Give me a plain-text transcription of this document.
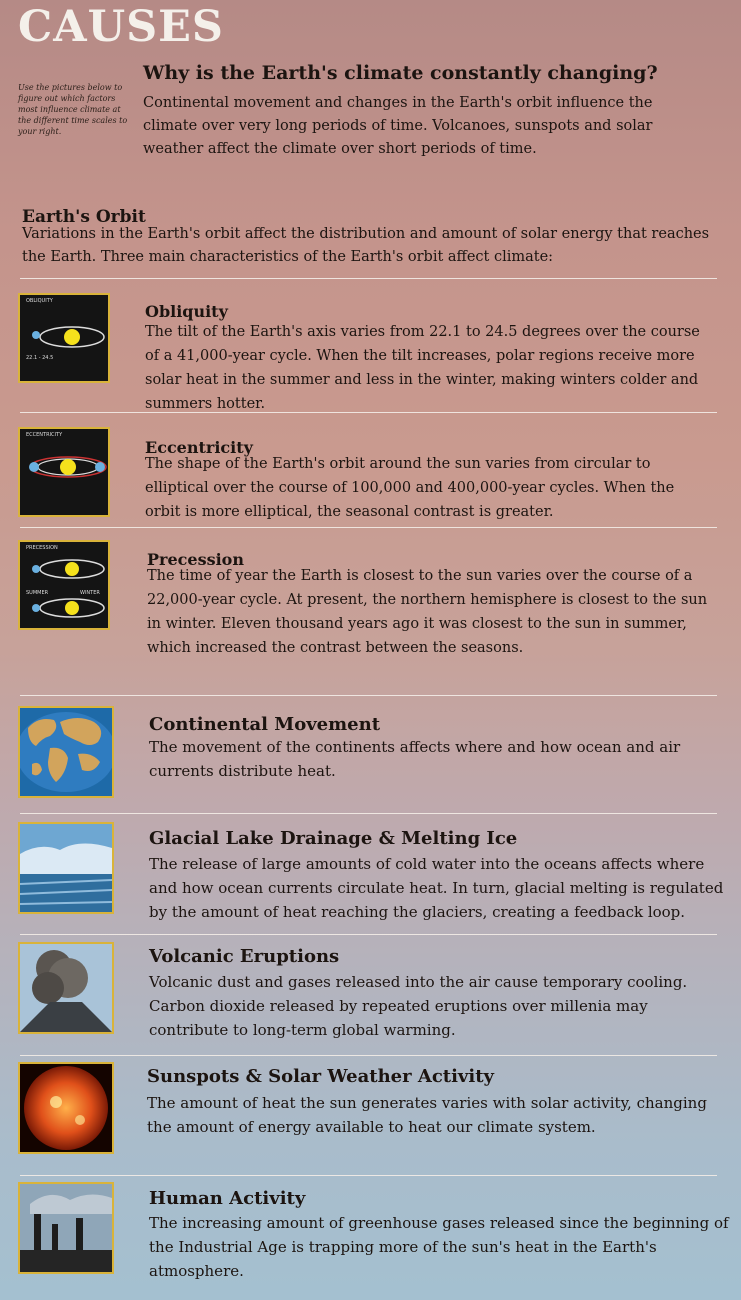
CAUSES
Use the pictures below to figure out which factors most influence climate at the different time scales to your right.
Why is the Earth's climate constantly changing?
Continental movement and changes in the Earth's orbit influence the climate over very long periods of time. Volcanoes, sunspots and solar weather affect the climate over short periods of time.
Earth's Orbit
Variations in the Earth's orbit affect the distribution and amount of solar energy that reaches the Earth. Three main characteristics of the Earth's orbit affect climate:
OBLIQUITY
22.1 - 24.5
Obliquity
The tilt of the Earth's axis varies from 22.1 to 24.5 degrees over the course of a 41,000-year cycle. When the tilt increases, polar regions receive more solar heat in the summer and less in the winter, making winters colder and summers hotter.
ECCENTRICITY
Eccentricity
The shape of the Earth's orbit around the sun varies from circular to elliptical over the course of 100,000 and 400,000-year cycles. When the orbit is more elliptical, the seasonal contrast is greater.
PRECESSION
SUMMER	WINTER
Precession
The time of year the Earth is closest to the sun varies over the course of a 22,000-year cycle. At present, the northern hemisphere is closest to the sun in winter. Eleven thousand years ago it was closest to the sun in summer, which increased the contrast between the seasons.
Continental Movement
The movement of the continents affects where and how ocean and air currents distribute heat.
Glacial Lake Drainage & Melting Ice
The release of large amounts of cold water into the oceans affects where and how ocean currents circulate heat. In turn, glacial melting is regulated by the amount of heat reaching the glaciers, creating a feedback loop.
Volcanic Eruptions
Volcanic dust and gases released into the air cause temporary cooling. Carbon dioxide released by repeated eruptions over millenia may contribute to long-term global warming.
Sunspots & Solar Weather Activity
The amount of heat the sun generates varies with solar activity, changing the amount of energy available to heat our climate system.
Human Activity
The increasing amount of greenhouse gases released since the beginning of the Industrial Age is trapping more of the sun's heat in the Earth's atmosphere.
